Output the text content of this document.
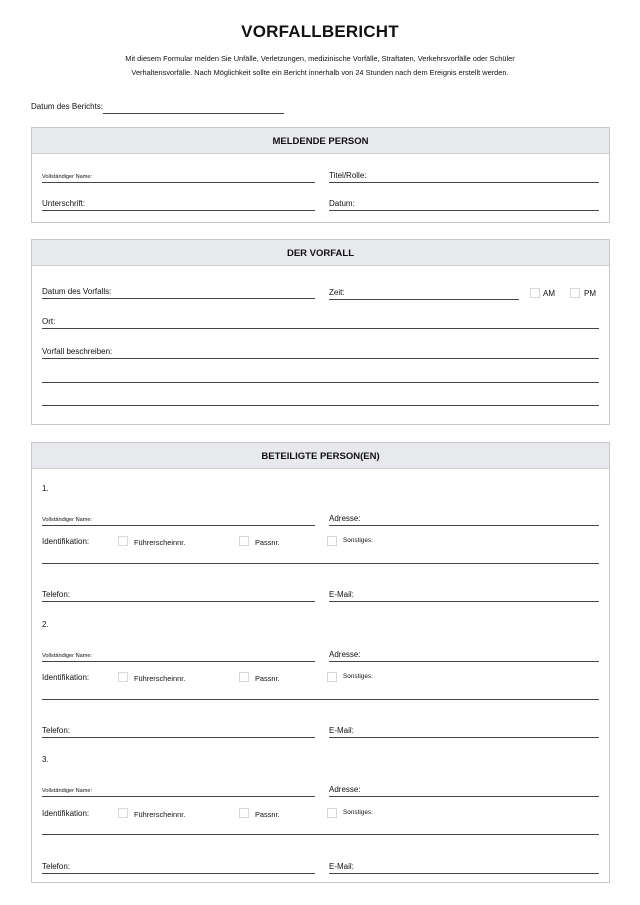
VORFALLBERICHT
Mit diesem Formular melden Sie Unfälle, Verletzungen, medizinische Vorfälle, Straftaten, Verkehrsvorfälle oder Schüler
Verhaltensvorfälle. Nach Möglichkeit sollte ein Bericht innerhalb von 24 Stunden nach dem Ereignis erstellt werden.
Datum des Berichts:
MELDENDE PERSON
Vollständiger Name:	Titel/Rolle:
Unterschrift:	Datum:
DER VORFALL
Datum des Vorfalls:	Zeit:	AM	PM
Ort:
Vorfall beschreiben:
BETEILIGTE PERSON(EN)
1.
Vollständiger Name:	Adresse:
Identifikation:	Führerscheinnr.	Passnr.	Sonstiges:
Telefon:	E-Mail:
2.
Vollständiger Name:	Adresse:
Identifikation:	Führerscheinnr.	Passnr.	Sonstiges:
Telefon:	E-Mail:
3.
Vollständiger Name:	Adresse:
Identifikation:	Führerscheinnr.	Passnr.	Sonstiges:
Telefon:	E-Mail:
